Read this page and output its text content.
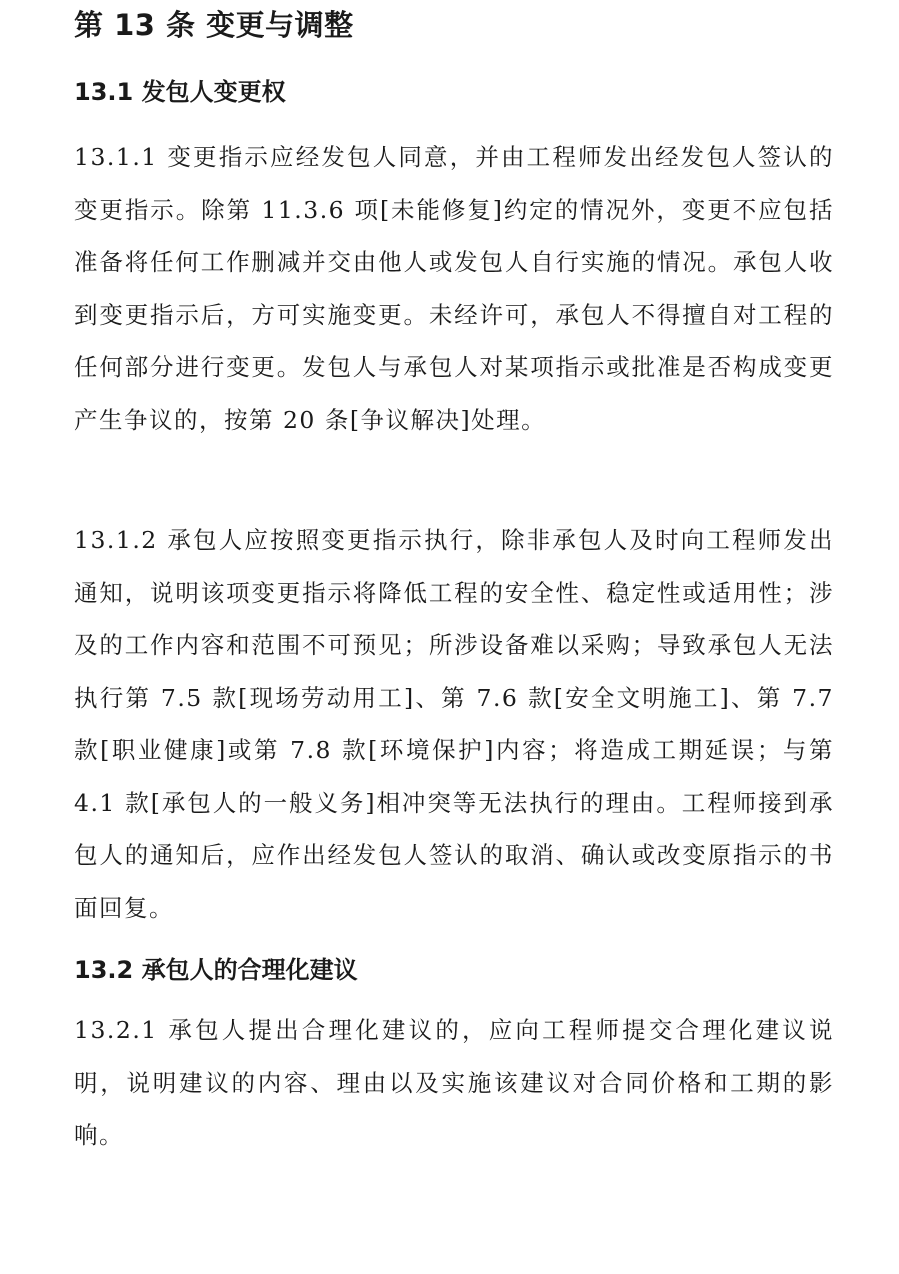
第 13 条 变更与调整
13.1 发包人变更权
13.1.1 变更指示应经发包人同意，并由工程师发出经发包人签认的变更指示。除第 11.3.6 项[未能修复]约定的情况外，变更不应包括准备将任何工作删减并交由他人或发包人自行实施的情况。承包人收到变更指示后，方可实施变更。未经许可，承包人不得擅自对工程的任何部分进行变更。发包人与承包人对某项指示或批准是否构成变更产生争议的，按第 20 条[争议解决]处理。
13.1.2 承包人应按照变更指示执行，除非承包人及时向工程师发出通知，说明该项变更指示将降低工程的安全性、稳定性或适用性；涉及的工作内容和范围不可预见；所涉设备难以采购；导致承包人无法执行第 7.5 款[现场劳动用工]、第 7.6 款[安全文明施工]、第 7.7 款[职业健康]或第 7.8 款[环境保护]内容；将造成工期延误；与第 4.1 款[承包人的一般义务]相冲突等无法执行的理由。工程师接到承包人的通知后，应作出经发包人签认的取消、确认或改变原指示的书面回复。
13.2 承包人的合理化建议
13.2.1 承包人提出合理化建议的，应向工程师提交合理化建议说明，说明建议的内容、理由以及实施该建议对合同价格和工期的影响。
